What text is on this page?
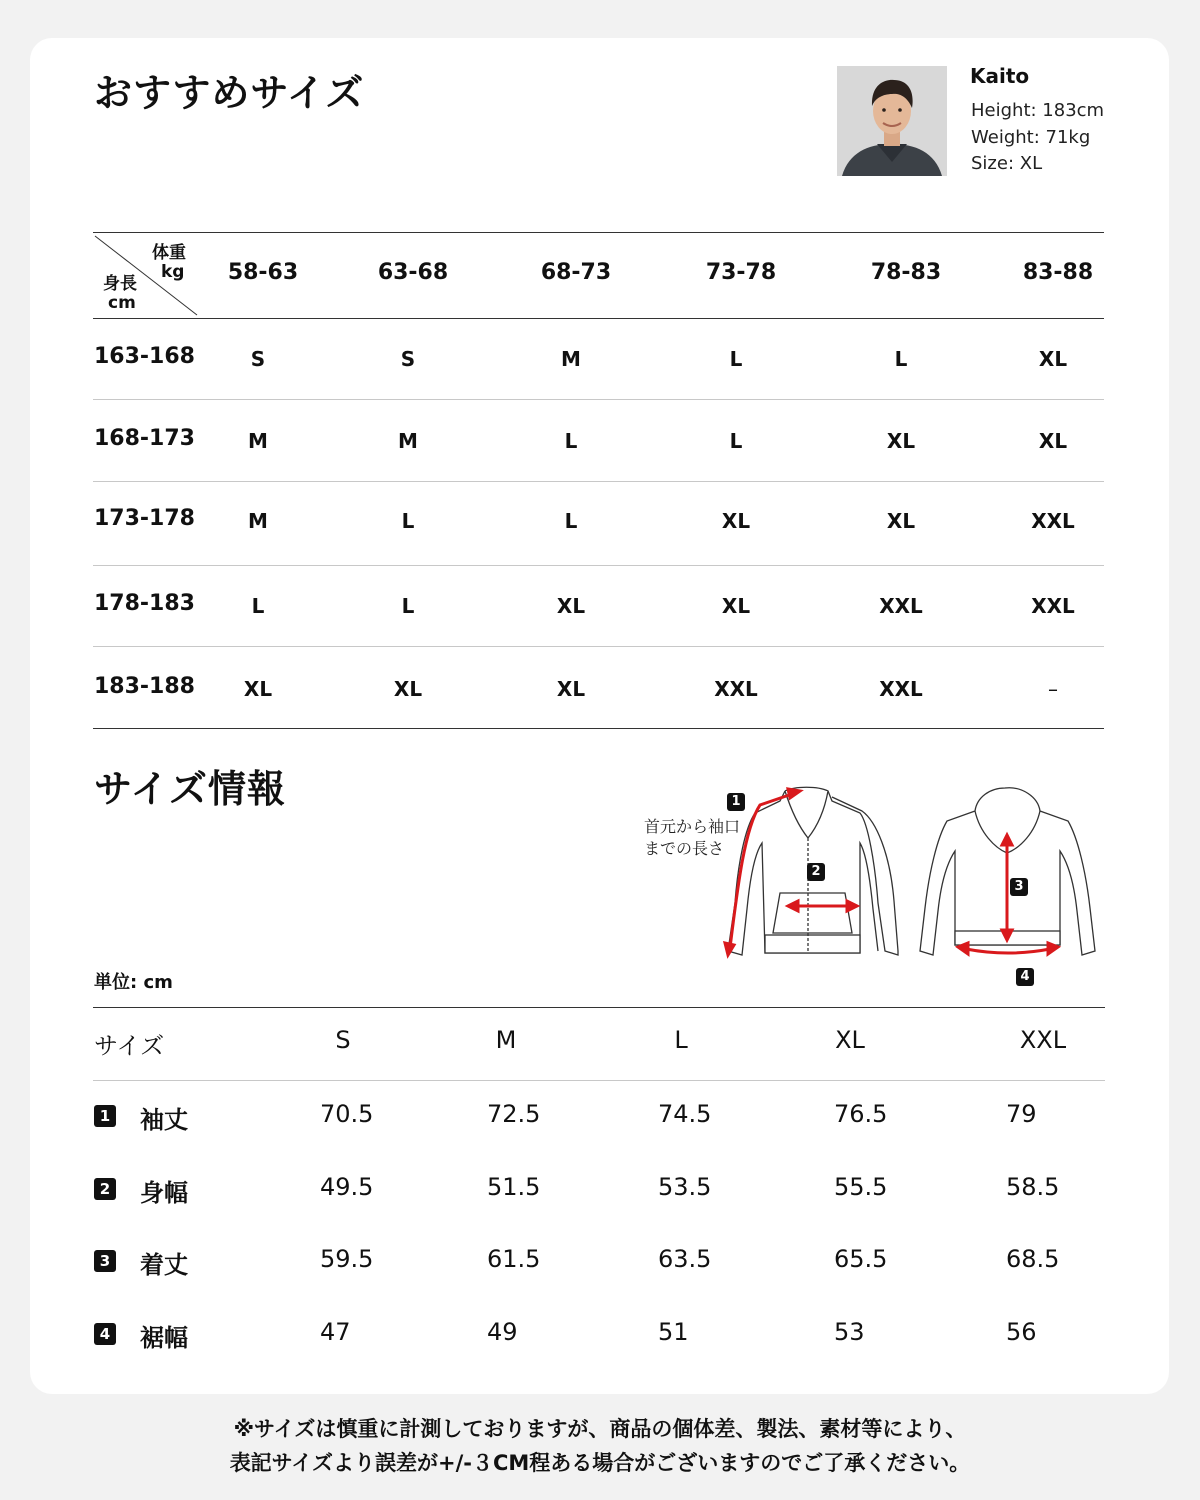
おすすめサイズ	Kaito
Height: 183cm
Weight: 71kg
Size: XL
体重
kg
身長
cm
58-63	63-68	68-73	73-78	78-83	83-88
163-168	S	S	M	L	L	XL
168-173	M	M	L	L	XL	XL
173-178	M	L	L	XL	XL	XXL
178-183	L	L	XL	XL	XXL	XXL
183-188 XL	XL	XL	XXL	XXL	–
サイズ情報
単位: cm
1
2
3
4
首元から袖口
までの長さ
サイズ	S	M	L	XL	XXL
1 袖丈	70.5	72.5	74.5	76.5	79
2 身幅	49.5	51.5	53.5	55.5	58.5
3 着丈	59.5	61.5	63.5	65.5	68.5
4 裾幅	47	49	51	53	56
※サイズは慎重に計測しておりますが、商品の個体差、製法、素材等により、
表記サイズより誤差が+/-３CM程ある場合がございますのでご了承ください。
